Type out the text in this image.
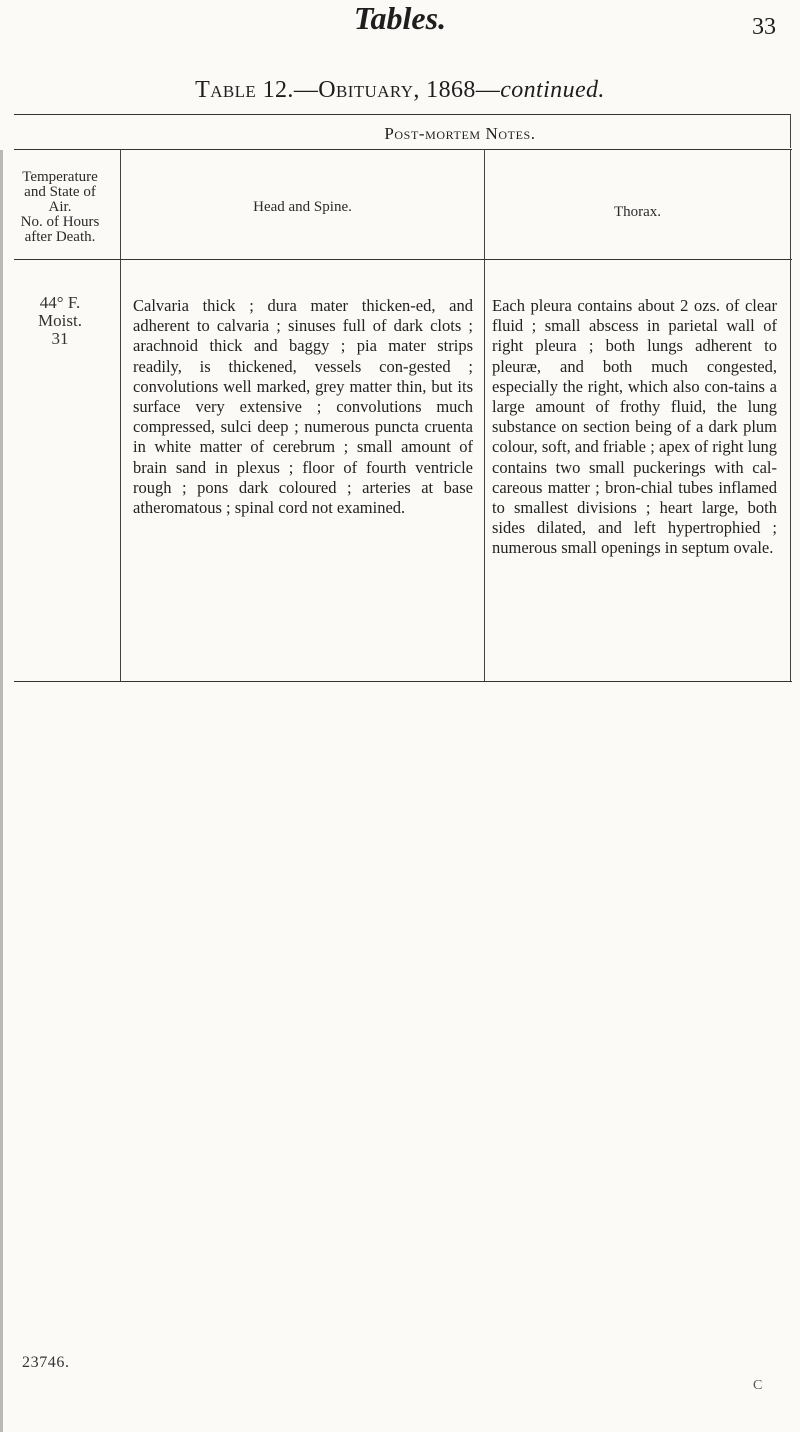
Tables.	33
Table 12.—Obituary, 1868—continued.
Post-mortem Notes.
Temperature
and State of
Air.
No. of Hours
after Death.
Head and Spine.	Thorax.
44° F.
Moist.
31
Calvaria thick ; dura mater thicken-ed, and adherent to calvaria ; sinuses full of dark clots ; arachnoid thick and baggy ; pia mater strips readily, is thickened, vessels con-gested ; convolutions well marked, grey matter thin, but its surface very extensive ; convolutions much compressed, sulci deep ; numerous puncta cruenta in white matter of cerebrum ; small amount of brain sand in plexus ; floor of fourth ventricle rough ; pons dark coloured ; arteries at base atheromatous ; spinal cord not examined.
Each pleura contains about 2 ozs. of clear fluid ; small abscess in parietal wall of right pleura ; both lungs adherent to pleuræ, and both much congested, especially the right, which also con-tains a large amount of frothy fluid, the lung substance on section being of a dark plum colour, soft, and friable ; apex of right lung contains two small puckerings with cal-careous matter ; bron-chial tubes inflamed to smallest divisions ; heart large, both sides dilated, and left hypertrophied ; numerous small openings in septum ovale.
23746.
C
